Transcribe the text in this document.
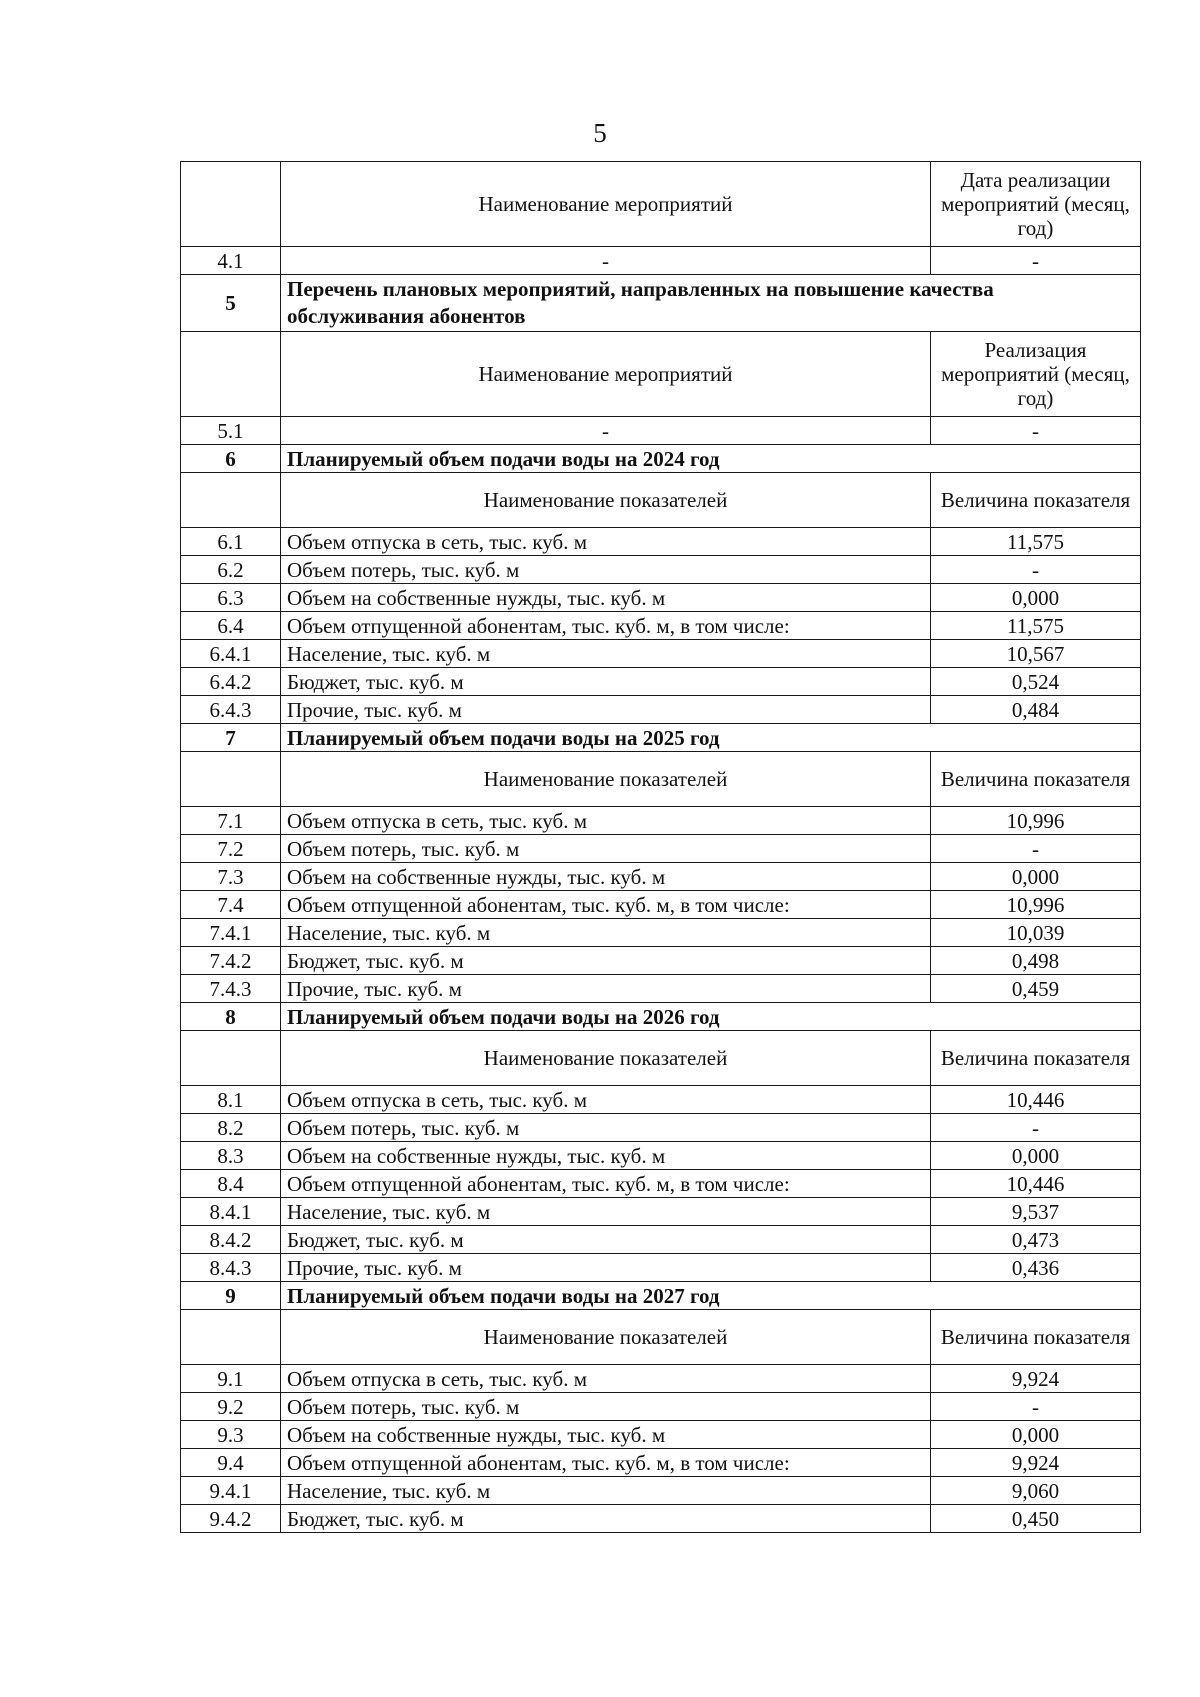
5
	Наименование мероприятий	Дата реализации мероприятий (месяц, год)
4.1	-	-
5	Перечень плановых мероприятий, направленных на повышение качества обслуживания абонентов	
	Наименование мероприятий	Реализация мероприятий (месяц, год)
5.1	-	-
6	Планируемый объем подачи воды на 2024 год	
	Наименование показателей	Величина показателя
6.1	Объем отпуска в сеть, тыс. куб. м	11,575
6.2	Объем потерь, тыс. куб. м	-
6.3	Объем на собственные нужды, тыс. куб. м	0,000
6.4	Объем отпущенной абонентам, тыс. куб. м, в том числе:	11,575
6.4.1	Население, тыс. куб. м	10,567
6.4.2	Бюджет, тыс. куб. м	0,524
6.4.3	Прочие, тыс. куб. м	0,484
7	Планируемый объем подачи воды на 2025 год	
	Наименование показателей	Величина показателя
7.1	Объем отпуска в сеть, тыс. куб. м	10,996
7.2	Объем потерь, тыс. куб. м	-
7.3	Объем на собственные нужды, тыс. куб. м	0,000
7.4	Объем отпущенной абонентам, тыс. куб. м, в том числе:	10,996
7.4.1	Население, тыс. куб. м	10,039
7.4.2	Бюджет, тыс. куб. м	0,498
7.4.3	Прочие, тыс. куб. м	0,459
8	Планируемый объем подачи воды на 2026 год	
	Наименование показателей	Величина показателя
8.1	Объем отпуска в сеть, тыс. куб. м	10,446
8.2	Объем потерь, тыс. куб. м	-
8.3	Объем на собственные нужды, тыс. куб. м	0,000
8.4	Объем отпущенной абонентам, тыс. куб. м, в том числе:	10,446
8.4.1	Население, тыс. куб. м	9,537
8.4.2	Бюджет, тыс. куб. м	0,473
8.4.3	Прочие, тыс. куб. м	0,436
9	Планируемый объем подачи воды на 2027 год	
	Наименование показателей	Величина показателя
9.1	Объем отпуска в сеть, тыс. куб. м	9,924
9.2	Объем потерь, тыс. куб. м	-
9.3	Объем на собственные нужды, тыс. куб. м	0,000
9.4	Объем отпущенной абонентам, тыс. куб. м, в том числе:	9,924
9.4.1	Население, тыс. куб. м	9,060
9.4.2	Бюджет, тыс. куб. м	0,450
